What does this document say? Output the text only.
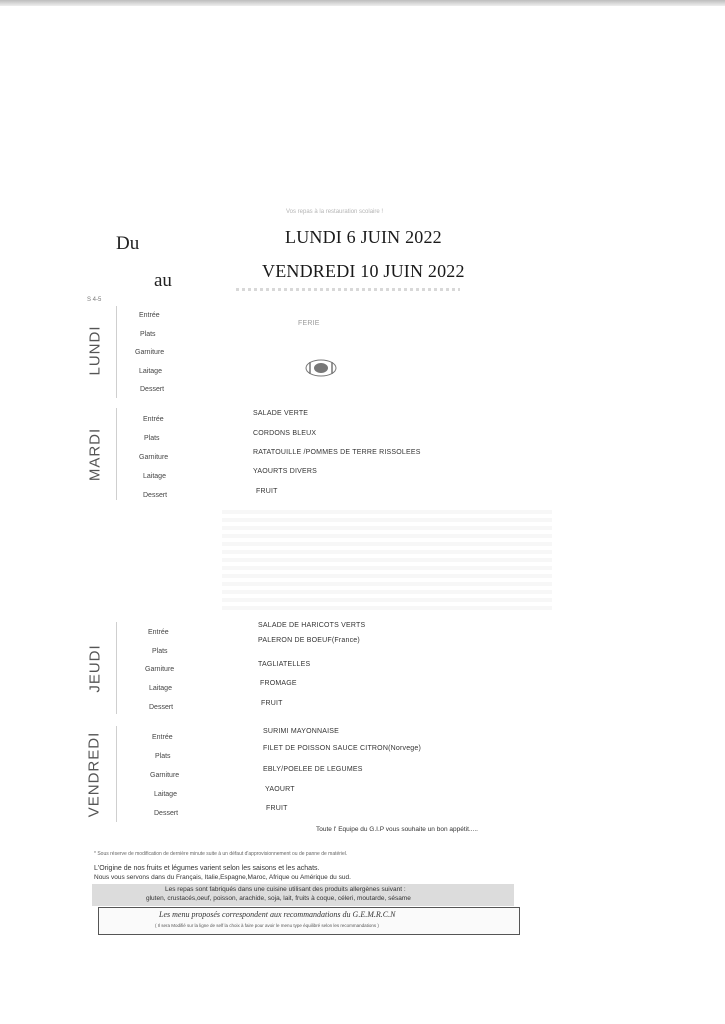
Vos repas à la restauration scolaire !
Du
au
LUNDI 6 JUIN 2022
VENDREDI 10 JUIN 2022
S 4-5
LUNDI
Entrée
Plats
Garniture
Laitage
Dessert
FERIE
MARDI
Entrée
Plats
Garniture
Laitage
Dessert
SALADE VERTE
CORDONS BLEUX
RATATOUILLE /POMMES DE TERRE RISSOLEES
YAOURTS DIVERS
FRUIT
JEUDI
Entrée
Plats
Garniture
Laitage
Dessert
SALADE DE HARICOTS VERTS
PALERON DE BOEUF(France)
TAGLIATELLES
FROMAGE
FRUIT
VENDREDI	Entrée
Plats
Garniture
Laitage
Dessert
SURIMI MAYONNAISE
FILET DE POISSON SAUCE CITRON(Norvege)
EBLY/POELEE DE LEGUMES
YAOURT
FRUIT
Toute l' Equipe du G.I.P vous souhaite un bon appétit.....
* Sous réserve de modification de dernière minute suite à un défaut d'approvisionnement ou de panne de matériel.
L'Origine de nos fruits et légumes varient selon les saisons et les achats.
Nous vous servons dans du Français, Italie,Espagne,Maroc, Afrique ou Amérique du sud.
Les repas sont fabriqués dans une cuisine utilisant des produits allergènes suivant :
gluten, crustacés,oeuf, poisson, arachide, soja, lait, fruits à coque, céleri, moutarde, sésame
Les menu proposés correspondent aux recommandations du G.E.M.R.C.N
( Il sera Modifié sur la ligne de self la choix à faire pour avoir le menu type équilibré selon les recommandations )
